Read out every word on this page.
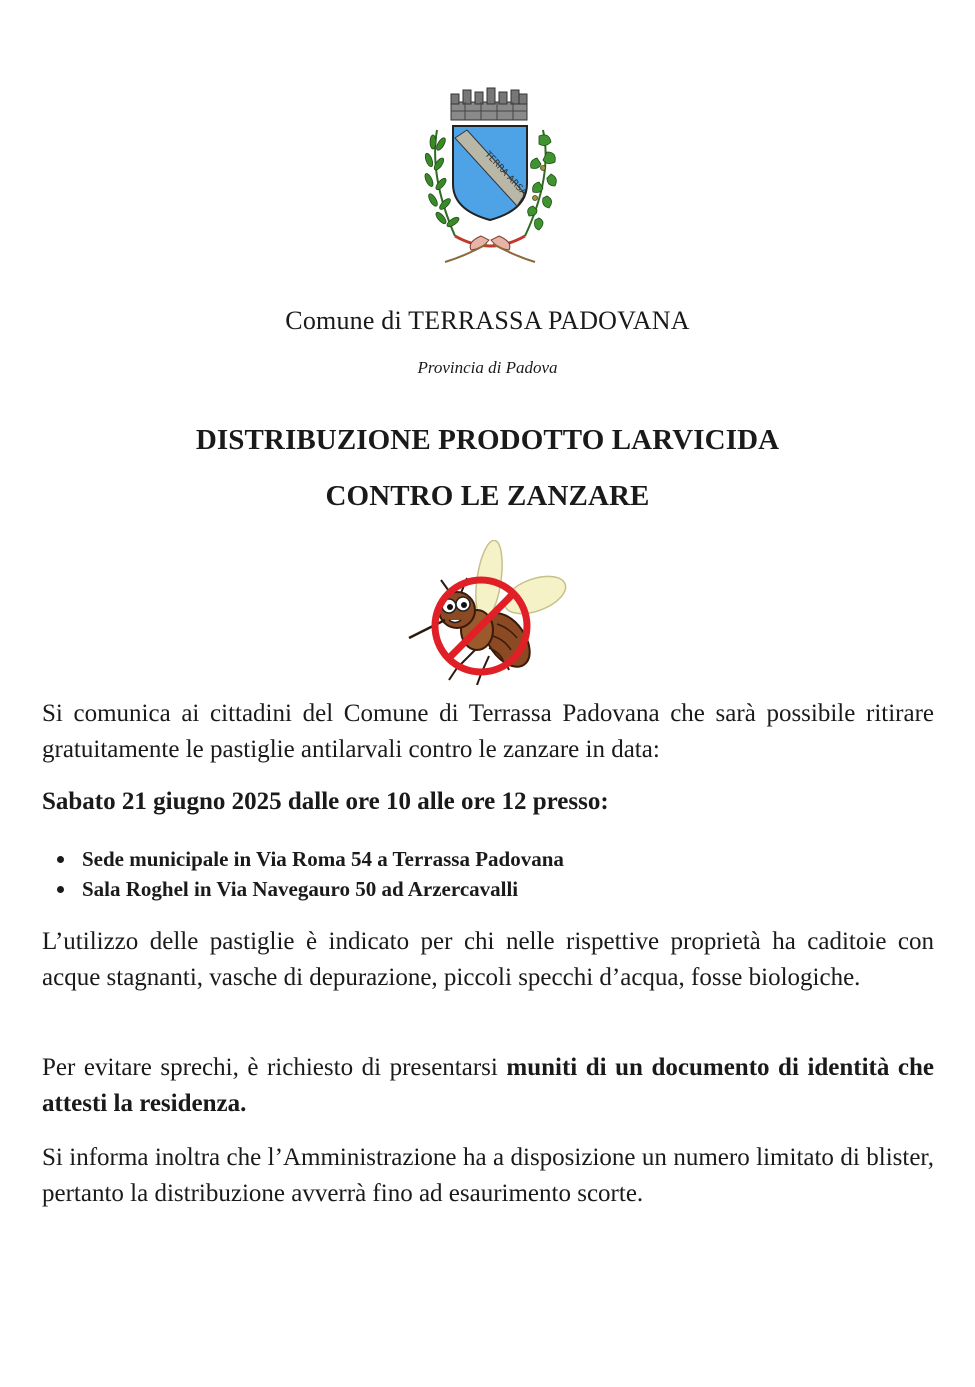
TERRA ARSA
Comune di TERRASSA PADOVANA
Provincia di Padova
DISTRIBUZIONE PRODOTTO LARVICIDA
CONTRO LE ZANZARE

Si comunica ai cittadini del Comune di Terrassa Padovana che sarà possibile ritirare gratuitamente le pastiglie antilarvali contro le zanzare in data:

Sabato 21 giugno 2025 dalle ore 10 alle ore 12 presso:
Sede municipale in Via Roma 54 a Terrassa Padovana
Sala Roghel in Via Navegauro 50 ad Arzercavalli

L’utilizzo delle pastiglie è indicato per chi nelle rispettive proprietà ha caditoie con acque stagnanti, vasche di depurazione, piccoli specchi d’acqua, fosse biologiche.

Per evitare sprechi, è richiesto di presentarsi muniti di un documento di identità che attesti la residenza.

Si informa inoltra che l’Amministrazione ha a disposizione un numero limitato di blister, pertanto la distribuzione avverrà fino ad esaurimento scorte.
